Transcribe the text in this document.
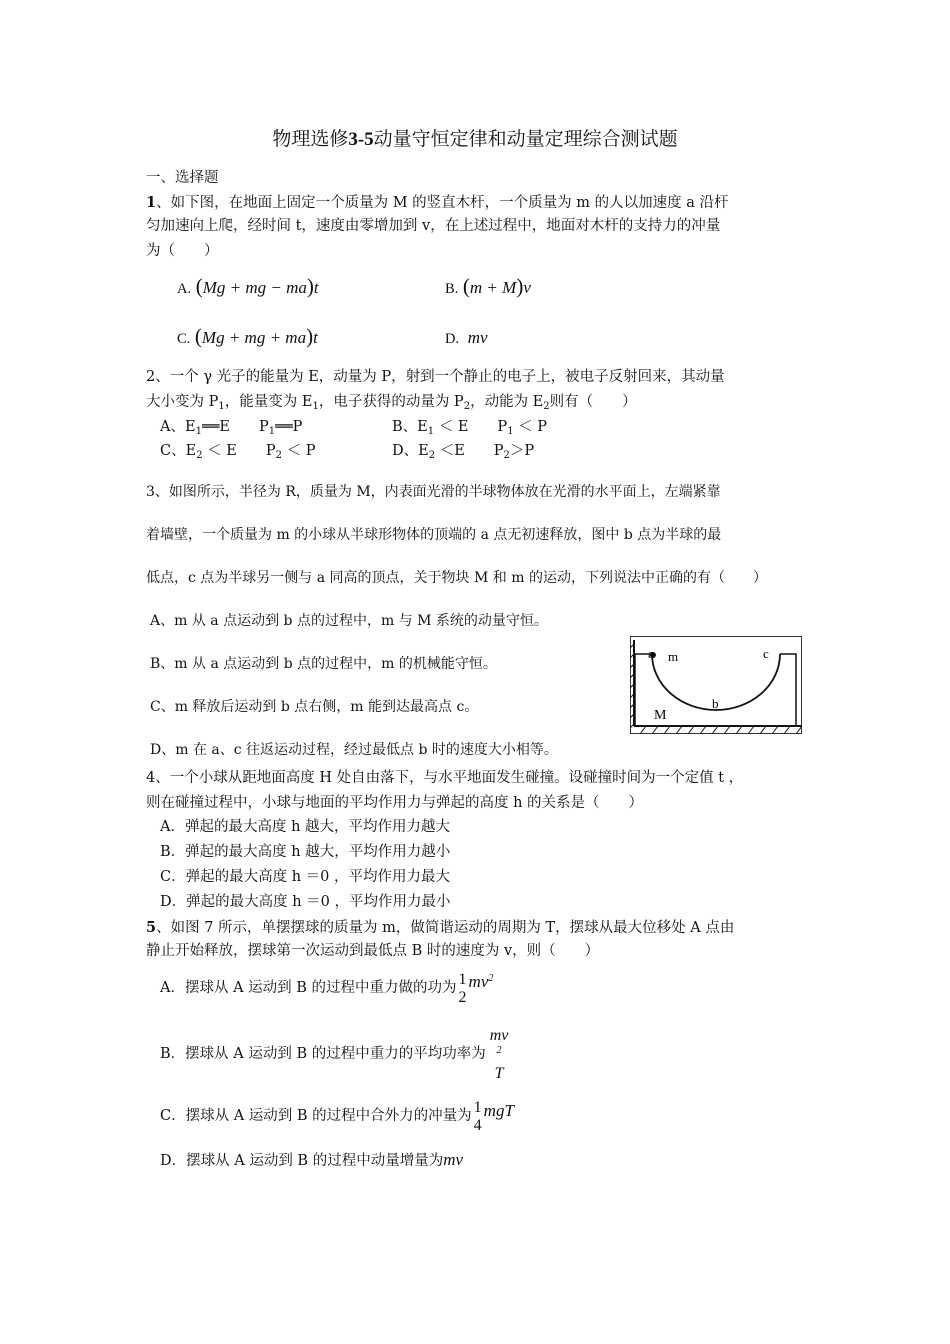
物理选修3-5动量守恒定律和动量定理综合测试题
一、选择题
1、如下图，在地面上固定一个质量为 M 的竖直木杆，一个质量为 m 的人以加速度 a 沿杆
匀加速向上爬，经时间 t，速度由零增加到 v，在上述过程中，地面对木杆的支持力的冲量
为（　　）
A. (Mg + mg − ma)t	B. (m + M)v
C. (Mg + mg + ma)t	D. mv
2、一个 γ 光子的能量为 E，动量为 P，射到一个静止的电子上，被电子反射回来，其动量
大小变为 $P_1$，能量变为 $E_1$，电子获得的动量为 $P_2$，动能为 $E_2$则有（　　）
A、$E_1══E$　　$P_1══P$	B、$E_1 < E$　　$P_1 < P$
C、$E_2 < E$　　$P_2 < P$	D、$E_2 <E$　　$P_2>P$
3、如图所示，半径为 R，质量为 M，内表面光滑的半球物体放在光滑的水平面上，左端紧靠
着墙壁，一个质量为 m 的小球从半球形物体的顶端的 a 点无初速释放，图中 b 点为半球的最
低点，c 点为半球另一侧与 a 同高的顶点，关于物块 M 和 m 的运动，下列说法中正确的有（　　）
A、m 从 a 点运动到 b 点的过程中，m 与 M 系统的动量守恒。
B、m 从 a 点运动到 b 点的过程中，m 的机械能守恒。
C、m 释放后运动到 b 点右侧，m 能到达最高点 c。
D、m 在 a、c 往返运动过程，经过最低点 b 时的速度大小相等。
a m
b
c
M
4、一个小球从距地面高度 H 处自由落下，与水平地面发生碰撞。设碰撞时间为一个定值 t ，
则在碰撞过程中，小球与地面的平均作用力与弹起的高度 h 的关系是（　　）
A．弹起的最大高度 h 越大，平均作用力越大
B．弹起的最大高度 h 越大，平均作用力越小
C．弹起的最大高度 h ＝0 ，平均作用力最大
D．弹起的最大高度 h ＝0 ，平均作用力最小
5、如图 7 所示，单摆摆球的质量为 m，做简谐运动的周期为 T，摆球从最大位移处 A 点由
静止开始释放，摆球第一次运动到最低点 B 时的速度为 v，则（　　）
A．摆球从 A 运动到 B 的过程中重力做的功为
1
2
$mv^2$
B．摆球从 A 运动到 B 的过程中重力的平均功率为
mv
$^2$
T
C．摆球从 A 运动到 B 的过程中合外力的冲量为
1
4
mgT
D．摆球从 A 运动到 B 的过程中动量增量为mv
